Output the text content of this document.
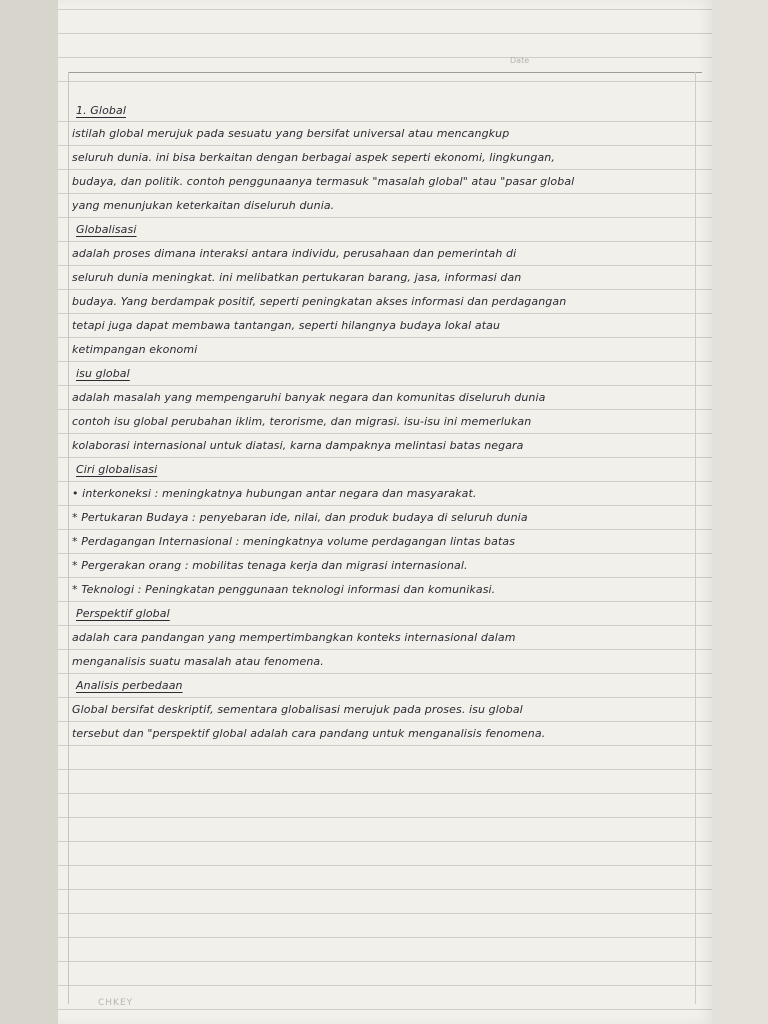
Date
1. Global
istilah global merujuk pada sesuatu yang bersifat universal atau mencangkup
seluruh dunia. ini bisa berkaitan dengan berbagai aspek seperti ekonomi, lingkungan,
budaya, dan politik. contoh penggunaanya termasuk "masalah global" atau "pasar global
yang menunjukan keterkaitan diseluruh dunia.
Globalisasi
adalah proses dimana interaksi antara individu, perusahaan dan pemerintah di
seluruh dunia meningkat. ini melibatkan pertukaran barang, jasa, informasi dan
budaya. Yang berdampak positif, seperti peningkatan akses informasi dan perdagangan
tetapi juga dapat membawa tantangan, seperti hilangnya budaya lokal atau
ketimpangan ekonomi
isu global
adalah masalah yang mempengaruhi banyak negara dan komunitas diseluruh dunia
contoh isu global perubahan iklim, terorisme, dan migrasi. isu-isu ini memerlukan
kolaborasi internasional untuk diatasi, karna dampaknya melintasi batas negara
Ciri globalisasi
• interkoneksi : meningkatnya hubungan antar negara dan masyarakat.
* Pertukaran Budaya : penyebaran ide, nilai, dan produk budaya di seluruh dunia
* Perdagangan Internasional : meningkatnya volume perdagangan lintas batas
* Pergerakan orang : mobilitas tenaga kerja dan migrasi internasional.
* Teknologi : Peningkatan penggunaan teknologi informasi dan komunikasi.
Perspektif global
adalah cara pandangan yang mempertimbangkan konteks internasional dalam
menganalisis suatu masalah atau fenomena.
Analisis perbedaan
Global bersifat deskriptif, sementara globalisasi merujuk pada proses. isu global
tersebut dan "perspektif global adalah cara pandang untuk menganalisis fenomena.
CHKEY
